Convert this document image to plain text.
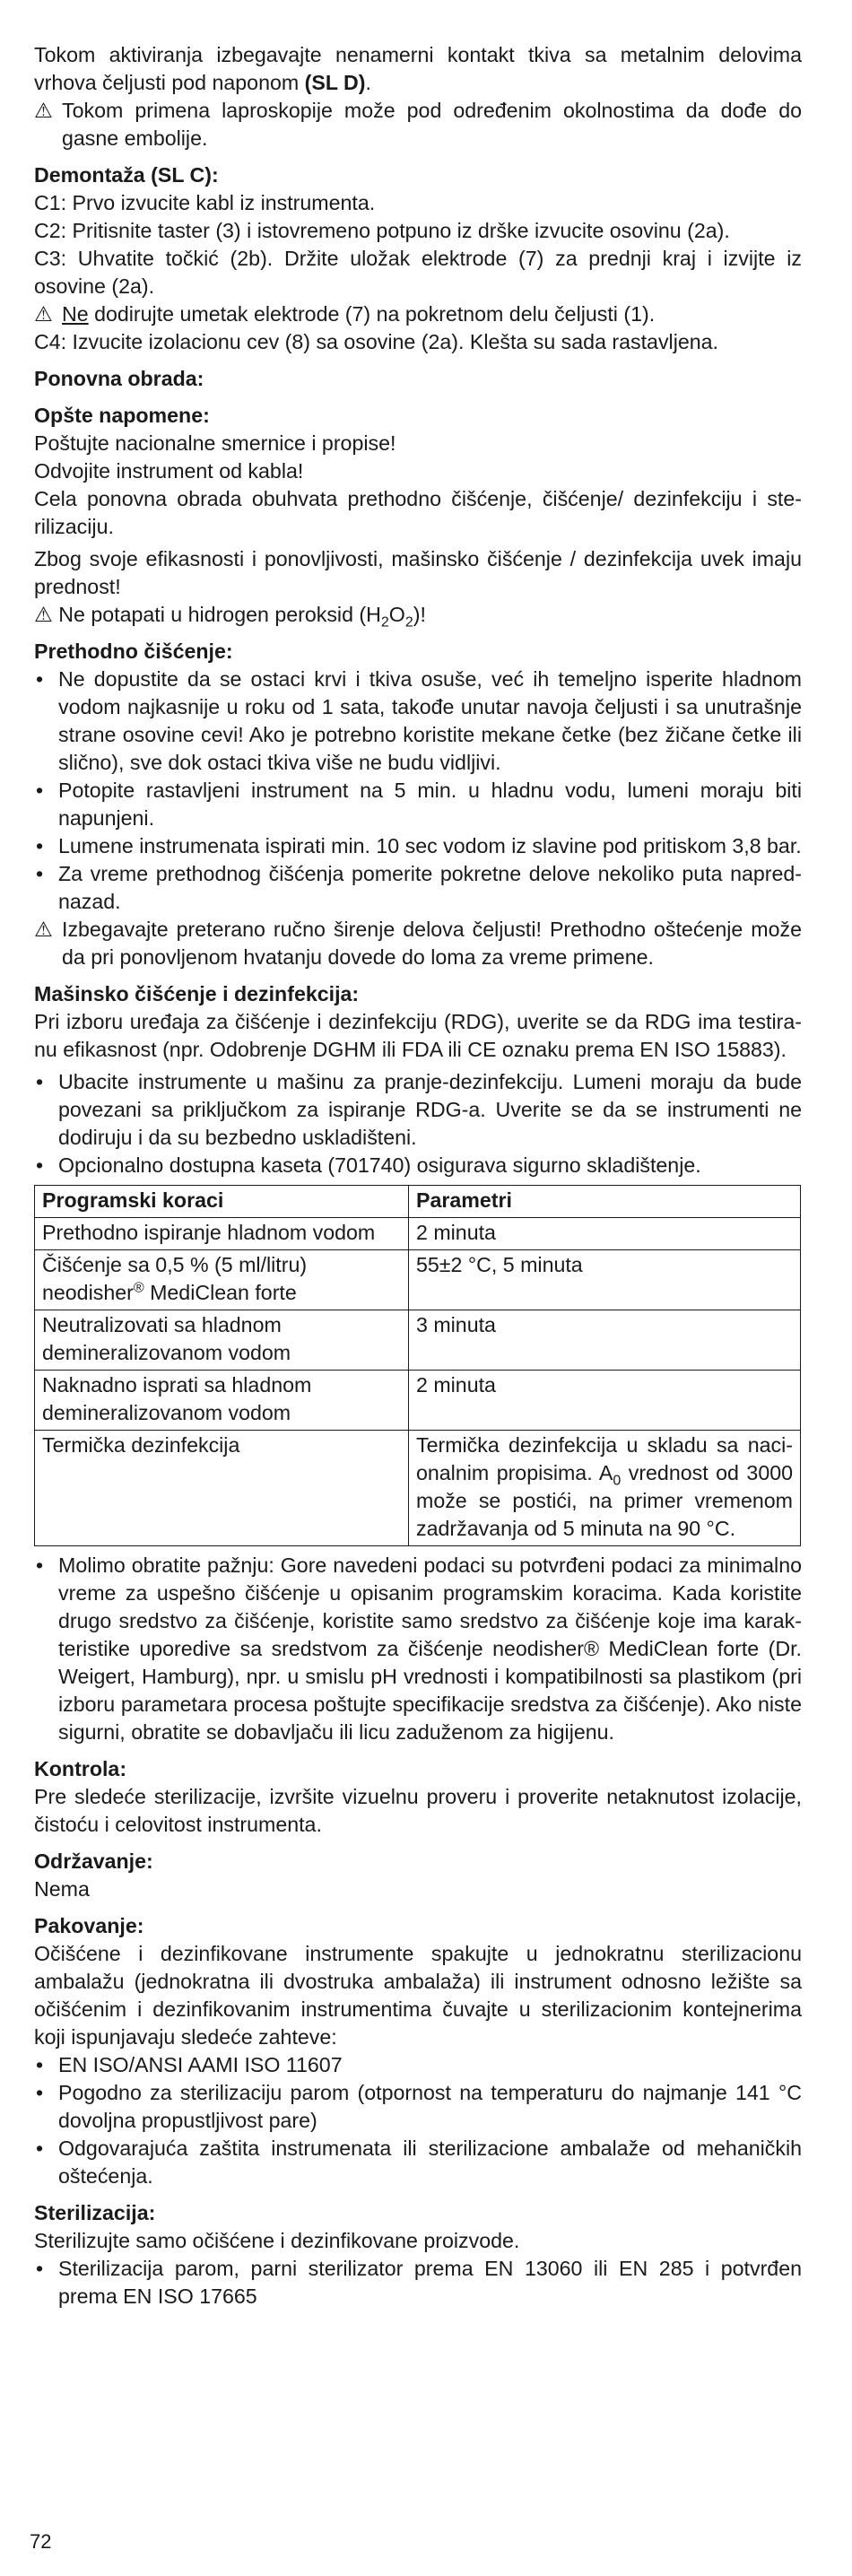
Tokom aktiviranja izbegavajte nenamerni kontakt tkiva sa metalnim delovima vrhova čeljusti pod naponom (SL D).

⚠ Tokom primena laproskopije može pod određenim okolnostima da dođe do gasne embolije.

Demontaža (SL C):

C1: Prvo izvucite kabl iz instrumenta.

C2: Pritisnite taster (3) i istovremeno potpuno iz drške izvucite osovinu (2a).

C3: Uhvatite točkić (2b). Držite uložak elektrode (7) za prednji kraj i izvijte iz osovine (2a).

⚠ Ne dodirujte umetak elektrode (7) na pokretnom delu čeljusti (1).

C4: Izvucite izolacionu cev (8) sa osovine (2a). Klešta su sada rastavljena.

Ponovna obrada:

Opšte napomene:

Poštujte nacionalne smernice i propise!

Odvojite instrument od kabla!

Cela ponovna obrada obuhvata prethodno čišćenje, čišćenje/ dezinfekciju i sterilizaciju.

Zbog svoje efikasnosti i ponovljivosti, mašinsko čišćenje / dezinfekcija uvek imaju prednost!

⚠ Ne potapati u hidrogen peroksid $(H_2O_2)$!

Prethodno čišćenje:

• Ne dopustite da se ostaci krvi i tkiva osuše, već ih temeljno isperite hladnom vodom najkasnije u roku od 1 sata, takođe unutar navoja čeljusti i sa unutrašnje strane osovine cevi! Ako je potrebno koristite mekane četke (bez žičane četke ili slično), sve dok ostaci tkiva više ne budu vidljivi.
• Potopite rastavljeni instrument na 5 min. u hladnu vodu, lumeni moraju biti napunjeni.
• Lumene instrumenata ispirati min. 10 sec vodom iz slavine pod pritiskom 3,8 bar.
• Za vreme prethodnog čišćenja pomerite pokretne delove nekoliko puta napred-nazad.

⚠ Izbegavajte preterano ručno širenje delova čeljusti! Prethodno oštećenje može da pri ponovljenom hvatanju dovede do loma za vreme primene.

Mašinsko čišćenje i dezinfekcija:

Pri izboru uređaja za čišćenje i dezinfekciju (RDG), uverite se da RDG ima testiranu efikasnost (npr. Odobrenje DGHM ili FDA ili CE oznaku prema EN ISO 15883).

• Ubacite instrumente u mašinu za pranje-dezinfekciju. Lumeni moraju da bude povezani sa priključkom za ispiranje RDG-a. Uverite se da se instrumenti ne dodiruju i da su bezbedno uskladišteni.
• Opcionalno dostupna kaseta (701740) osigurava sigurno skladištenje.
Programski koraci	Parametri
Prethodno ispiranje hladnom vodom	2 minuta
Čišćenje sa 0,5 % (5 ml/litru)
neodisher® MediClean forte	55±2 °C, 5 minuta
Neutralizovati sa hladnom
demineralizovanom vodom	3 minuta
Naknadno isprati sa hladnom
demineralizovanom vodom	2 minuta
Termička dezinfekcija	Termička dezinfekcija u skladu sa nacionalnim propisima. $A_0$ vrednost od 3000 može se postići, na primer vremenom zadržavanja od 5 minuta na 90 °C.
• Molimo obratite pažnju: Gore navedeni podaci su potvrđeni podaci za minimalno vreme za uspešno čišćenje u opisanim programskim koracima. Kada koristite drugo sredstvo za čišćenje, koristite samo sredstvo za čišćenje koje ima karakteristike uporedive sa sredstvom za čišćenje neodisher® MediClean forte (Dr. Weigert, Hamburg), npr. u smislu pH vrednosti i kompatibilnosti sa plastikom (pri izboru parametara procesa poštujte specifikacije sredstva za čišćenje). Ako niste sigurni, obratite se dobavljaču ili licu zaduženom za higijenu.

Kontrola:

Pre sledeće sterilizacije, izvršite vizuelnu proveru i proverite netaknutost izolacije, čistoću i celovitost instrumenta.

Održavanje:

Nema

Pakovanje:

Očišćene i dezinfikovane instrumente spakujte u jednokratnu sterilizacionu ambalažu (jednokratna ili dvostruka ambalaža) ili instrument odnosno ležište sa očišćenim i dezinfikovanim instrumentima čuvajte u sterilizacionim kontejnerima koji ispunjavaju sledeće zahteve:

• EN ISO/ANSI AAMI ISO 11607
• Pogodno za sterilizaciju parom (otpornost na temperaturu do najmanje 141 °C dovoljna propustljivost pare)
• Odgovarajuća zaštita instrumenata ili sterilizacione ambalaže od mehaničkih oštećenja.

Sterilizacija:

Sterilizujte samo očišćene i dezinfikovane proizvode.

• Sterilizacija parom, parni sterilizator prema EN 13060 ili EN 285 i potvrđen prema EN ISO 17665
72
